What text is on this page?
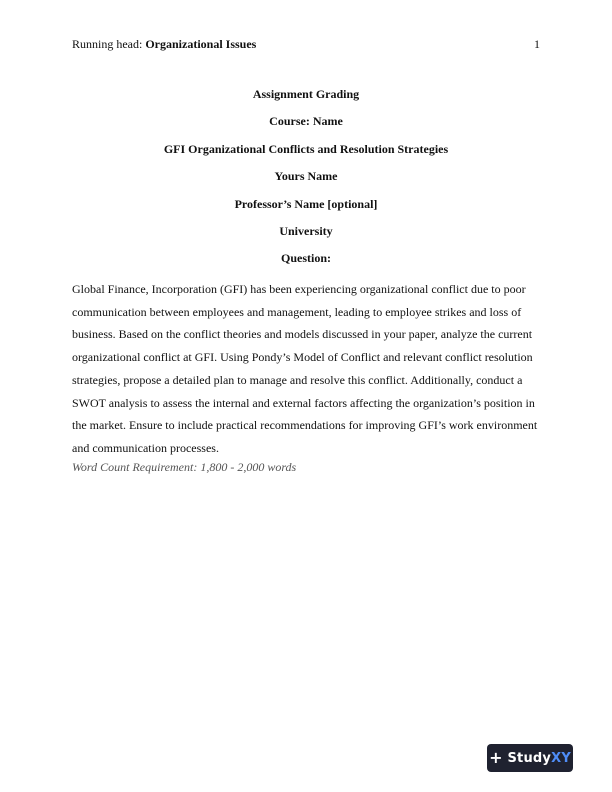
Running head: Organizational Issues	1
Assignment Grading
Course: Name
GFI Organizational Conflicts and Resolution Strategies
Yours Name
Professor’s Name [optional]
University
Question:

Global Finance, Incorporation (GFI) has been experiencing organizational conflict due to poor communication between employees and management, leading to employee strikes and loss of business. Based on the conflict theories and models discussed in your paper, analyze the current organizational conflict at GFI. Using Pondy’s Model of Conflict and relevant conflict resolution strategies, propose a detailed plan to manage and resolve this conflict. Additionally, conduct a SWOT analysis to assess the internal and external factors affecting the organization’s position in the market. Ensure to include practical recommendations for improving GFI’s work environment and communication processes.

Word Count Requirement: 1,800 - 2,000 words
+ StudyXY
